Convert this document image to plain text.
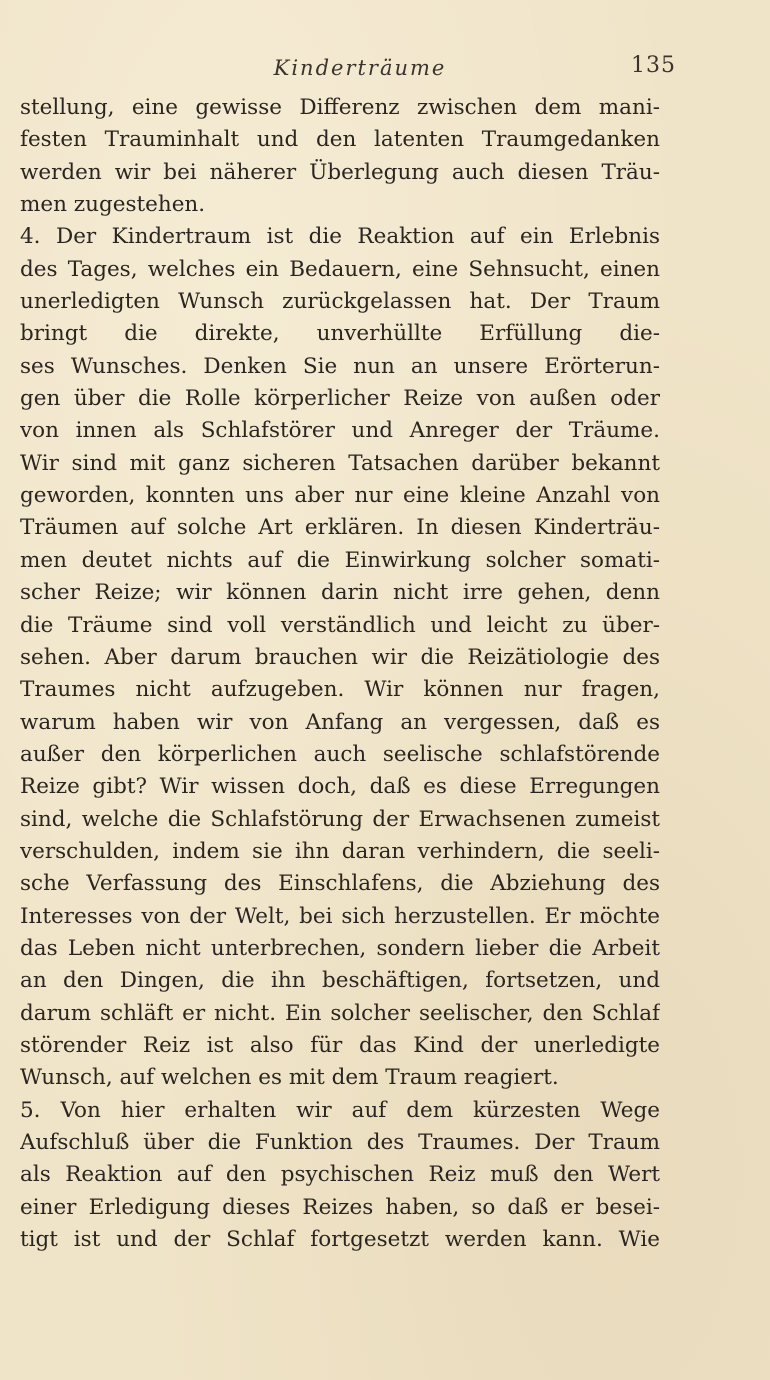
Kinderträume	135
stellung, eine gewisse Differenz zwischen dem mani-
festen Trauminhalt und den latenten Traumgedanken
werden wir bei näherer Überlegung auch diesen Träu-
men zugestehen.
4. Der Kindertraum ist die Reaktion auf ein Erlebnis
des Tages, welches ein Bedauern, eine Sehnsucht, einen
unerledigten Wunsch zurückgelassen hat. Der Traum
bringt die direkte, unverhüllte Erfüllung die-
ses Wunsches. Denken Sie nun an unsere Erörterun-
gen über die Rolle körperlicher Reize von außen oder
von innen als Schlafstörer und Anreger der Träume.
Wir sind mit ganz sicheren Tatsachen darüber bekannt
geworden, konnten uns aber nur eine kleine Anzahl von
Träumen auf solche Art erklären. In diesen Kinderträu-
men deutet nichts auf die Einwirkung solcher somati-
scher Reize; wir können darin nicht irre gehen, denn
die Träume sind voll verständlich und leicht zu über-
sehen. Aber darum brauchen wir die Reizätiologie des
Traumes nicht aufzugeben. Wir können nur fragen,
warum haben wir von Anfang an vergessen, daß es
außer den körperlichen auch seelische schlafstörende
Reize gibt? Wir wissen doch, daß es diese Erregungen
sind, welche die Schlafstörung der Erwachsenen zumeist
verschulden, indem sie ihn daran verhindern, die seeli-
sche Verfassung des Einschlafens, die Abziehung des
Interesses von der Welt, bei sich herzustellen. Er möchte
das Leben nicht unterbrechen, sondern lieber die Arbeit
an den Dingen, die ihn beschäftigen, fortsetzen, und
darum schläft er nicht. Ein solcher seelischer, den Schlaf
störender Reiz ist also für das Kind der unerledigte
Wunsch, auf welchen es mit dem Traum reagiert.
5. Von hier erhalten wir auf dem kürzesten Wege
Aufschluß über die Funktion des Traumes. Der Traum
als Reaktion auf den psychischen Reiz muß den Wert
einer Erledigung dieses Reizes haben, so daß er besei-
tigt ist und der Schlaf fortgesetzt werden kann. Wie
